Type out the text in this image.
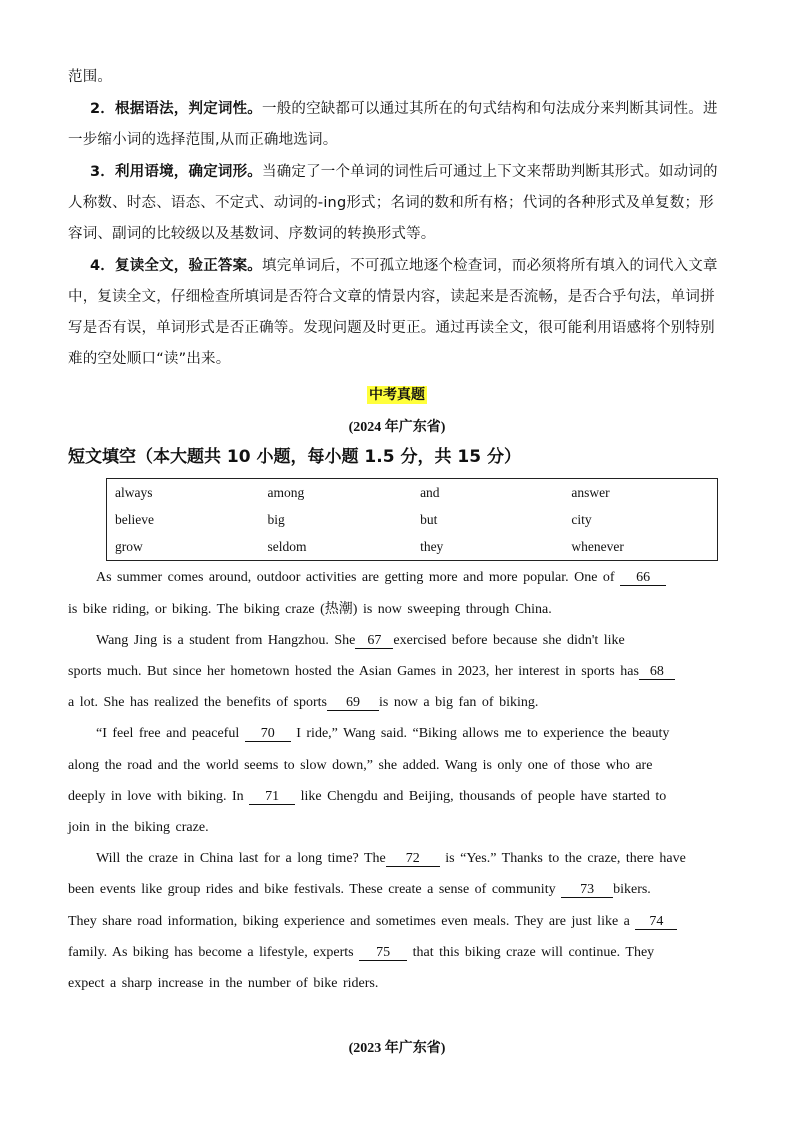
范围。
2．根据语法，判定词性。一般的空缺都可以通过其所在的句式结构和句法成分来判断其词性。进一步缩小词的选择范围,从而正确地选词。
3．利用语境，确定词形。当确定了一个单词的词性后可通过上下文来帮助判断其形式。如动词的人称数、时态、语态、不定式、动词的-ing形式；名词的数和所有格；代词的各种形式及单复数；形容词、副词的比较级以及基数词、序数词的转换形式等。
4．复读全文，验正答案。填完单词后，不可孤立地逐个检查词，而必须将所有填入的词代入文章中，复读全文，仔细检查所填词是否符合文章的情景内容，读起来是否流畅，是否合乎句法，单词拼写是否有误，单词形式是否正确等。发现问题及时更正。通过再读全文，很可能利用语感将个别特别难的空处顺口“读”出来。
中考真题
(2024 年广东省)
短文填空（本大题共 10 小题，每小题 1.5 分，共 15 分）
always	among	and	answer
believe	big	but	city
grow	seldom	they	whenever
As summer comes around, outdoor activities are getting more and more popular. One of 66
is bike riding, or biking. The biking craze (热潮) is now sweeping through China.
Wang Jing is a student from Hangzhou. She 67 exercised before because she didn't like
sports much. But since her hometown hosted the Asian Games in 2023, her interest in sports has 68
a lot. She has realized the benefits of sports 69 is now a big fan of biking.
“I feel free and peaceful 70 I ride,” Wang said. “Biking allows me to experience the beauty
along the road and the world seems to slow down,” she added. Wang is only one of those who are
deeply in love with biking. In 71 like Chengdu and Beijing, thousands of people have started to
join in the biking craze.
Will the craze in China last for a long time? The 72 is “Yes.” Thanks to the craze, there have
been events like group rides and bike festivals. These create a sense of community 73 bikers.
They share road information, biking experience and sometimes even meals. They are just like a 74
family. As biking has become a lifestyle, experts 75 that this biking craze will continue. They
expect a sharp increase in the number of bike riders.
(2023 年广东省)
